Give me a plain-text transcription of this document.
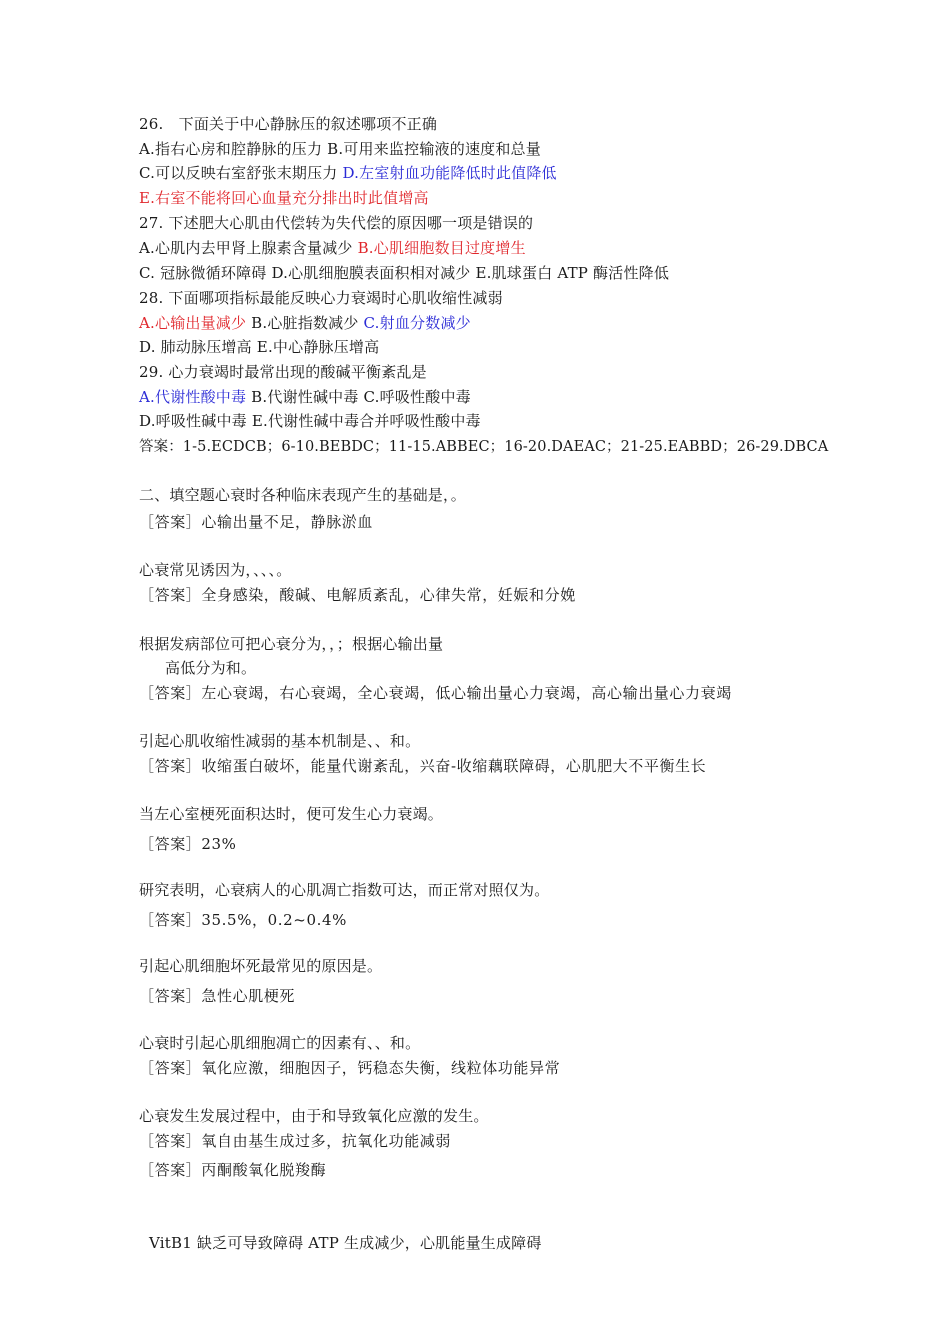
26.　下面关于中心静脉压的叙述哪项不正确
A.指右心房和腔静脉的压力 B.可用来监控输液的速度和总量
C.可以反映右室舒张末期压力 D.左室射血功能降低时此值降低
E.右室不能将回心血量充分排出时此值增高
27. 下述肥大心肌由代偿转为失代偿的原因哪一项是错误的
A.心肌内去甲肾上腺素含量减少 B.心肌细胞数目过度增生
C. 冠脉微循环障碍 D.心肌细胞膜表面积相对减少 E.肌球蛋白 ATP 酶活性降低
28. 下面哪项指标最能反映心力衰竭时心肌收缩性减弱
A.心输出量减少 B.心脏指数减少 C.射血分数减少
D. 肺动脉压增高 E.中心静脉压增高
29. 心力衰竭时最常出现的酸碱平衡紊乱是
A.代谢性酸中毒 B.代谢性碱中毒 C.呼吸性酸中毒
D.呼吸性碱中毒 E.代谢性碱中毒合并呼吸性酸中毒
答案：1-5.ECDCB；6-10.BEBDC；11-15.ABBEC；16-20.DAEAC；21-25.EABBD；26-29.DBCA
二、填空题心衰时各种临床表现产生的基础是，。
［答案］心输出量不足，静脉淤血
心衰常见诱因为，、、、。
［答案］全身感染，酸碱、电解质紊乱，心律失常，妊娠和分娩
根据发病部位可把心衰分为，，；根据心输出量
高低分为和。
［答案］左心衰竭，右心衰竭，全心衰竭，低心输出量心力衰竭，高心输出量心力衰竭
引起心肌收缩性减弱的基本机制是、、和。
［答案］收缩蛋白破坏，能量代谢紊乱，兴奋-收缩藕联障碍，心肌肥大不平衡生长
当左心室梗死面积达时，便可发生心力衰竭。
［答案］23%
研究表明，心衰病人的心肌凋亡指数可达，而正常对照仅为。
［答案］35.5%，0.2~0.4%
引起心肌细胞坏死最常见的原因是。
［答案］急性心肌梗死
心衰时引起心肌细胞凋亡的因素有、、和。
［答案］氧化应激，细胞因子，钙稳态失衡，线粒体功能异常
心衰发生发展过程中，由于和导致氧化应激的发生。
［答案］氧自由基生成过多，抗氧化功能减弱
［答案］丙酮酸氧化脱羧酶
VitB1 缺乏可导致障碍 ATP 生成减少，心肌能量生成障碍
